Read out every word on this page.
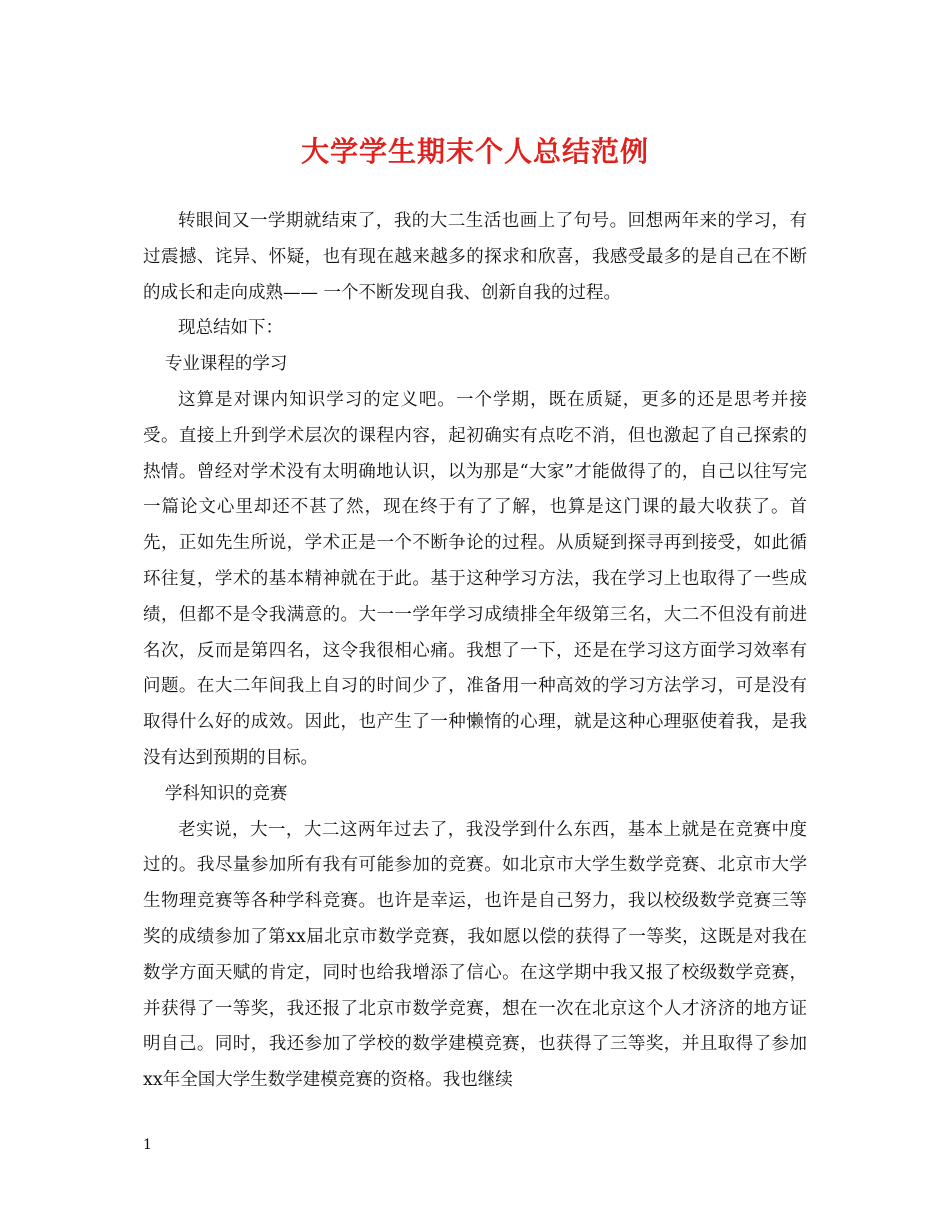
大学学生期末个人总结范例

转眼间又一学期就结束了，我的大二生活也画上了句号。回想两年来的学习，有过震撼、诧异、怀疑，也有现在越来越多的探求和欣喜，我感受最多的是自己在不断的成长和走向成熟—— 一个不断发现自我、创新自我的过程。

现总结如下：

专业课程的学习

这算是对课内知识学习的定义吧。一个学期，既在质疑，更多的还是思考并接受。直接上升到学术层次的课程内容，起初确实有点吃不消，但也激起了自己探索的热情。曾经对学术没有太明确地认识，以为那是“大家”才能做得了的，自己以往写完一篇论文心里却还不甚了然，现在终于有了了解，也算是这门课的最大收获了。首先，正如先生所说，学术正是一个不断争论的过程。从质疑到探寻再到接受，如此循环往复，学术的基本精神就在于此。基于这种学习方法，我在学习上也取得了一些成绩，但都不是令我满意的。大一一学年学习成绩排全年级第三名，大二不但没有前进名次，反而是第四名，这令我很相心痛。我想了一下，还是在学习这方面学习效率有问题。在大二年间我上自习的时间少了，准备用一种高效的学习方法学习，可是没有取得什么好的成效。因此，也产生了一种懒惰的心理，就是这种心理驱使着我，是我没有达到预期的目标。

学科知识的竞赛

老实说，大一，大二这两年过去了，我没学到什么东西，基本上就是在竞赛中度过的。我尽量参加所有我有可能参加的竞赛。如北京市大学生数学竞赛、北京市大学生物理竞赛等各种学科竞赛。也许是幸运，也许是自己努力，我以校级数学竞赛三等奖的成绩参加了第xx届北京市数学竞赛，我如愿以偿的获得了一等奖，这既是对我在数学方面天赋的肯定，同时也给我增添了信心。在这学期中我又报了校级数学竞赛，并获得了一等奖，我还报了北京市数学竞赛，想在一次在北京这个人才济济的地方证明自己。同时，我还参加了学校的数学建模竞赛，也获得了三等奖，并且取得了参加xx年全国大学生数学建模竞赛的资格。我也继续

1
